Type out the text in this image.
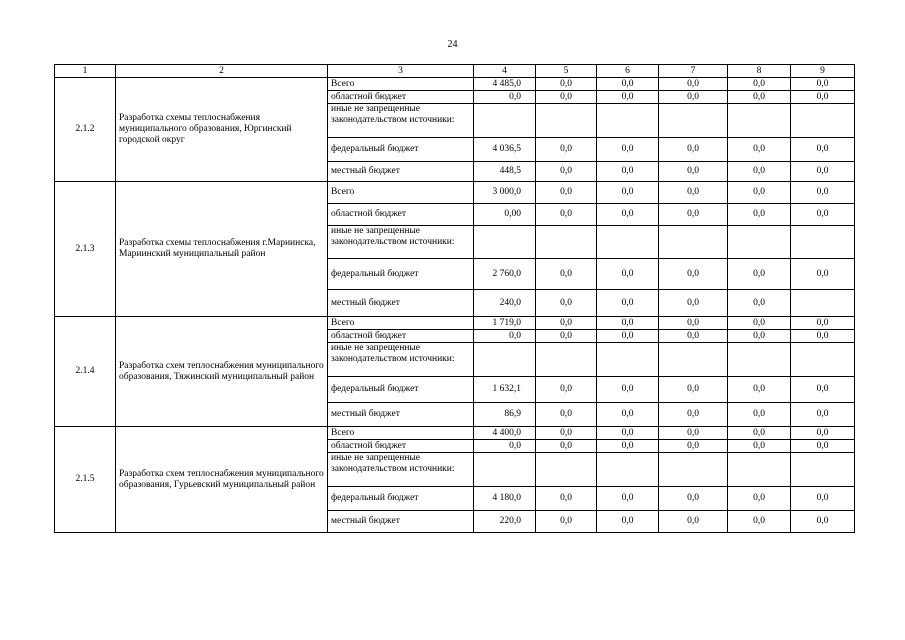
24
1	2	3	4	5	6	7	8	9
2.1.2	Разработка схемы теплоснабжения муниципального образования, Юргинский городской округ	Всего	4 485,0	0,0	0,0	0,0	0,0	0,0
		областной бюджет	0,0	0,0	0,0	0,0	0,0	0,0
		иные не запрещенные законодательством источники:						
		федеральный бюджет	4 036,5	0,0	0,0	0,0	0,0	0,0
		местный бюджет	448,5	0,0	0,0	0,0	0,0	0,0
2.1.3	Разработка схемы теплоснабжения г.Мариинска, Мариинский муниципальный район	Всего	3 000,0	0,0	0,0	0,0	0,0	0,0
		областной бюджет	0,00	0,0	0,0	0,0	0,0	0,0
		иные не запрещенные законодательством источники:						
		федеральный бюджет	2 760,0	0,0	0,0	0,0	0,0	0,0
		местный бюджет	240,0	0,0	0,0	0,0	0,0	
2.1.4	Разработка схем теплоснабжения муниципального образования, Тяжинский муниципальный район	Всего	1 719,0	0,0	0,0	0,0	0,0	0,0
		областной бюджет	0,0	0,0	0,0	0,0	0,0	0,0
		иные не запрещенные законодательством источники:						
		федеральный бюджет	1 632,1	0,0	0,0	0,0	0,0	0,0
		местный бюджет	86,9	0,0	0,0	0,0	0,0	0,0
2.1.5	Разработка схем теплоснабжения муниципального образования, Гурьевский муниципальный район	Всего	4 400,0	0,0	0,0	0,0	0,0	0,0
		областной бюджет	0,0	0,0	0,0	0,0	0,0	0,0
		иные не запрещенные законодательством источники:						
		федеральный бюджет	4 180,0	0,0	0,0	0,0	0,0	0,0
		местный бюджет	220,0	0,0	0,0	0,0	0,0	0,0
